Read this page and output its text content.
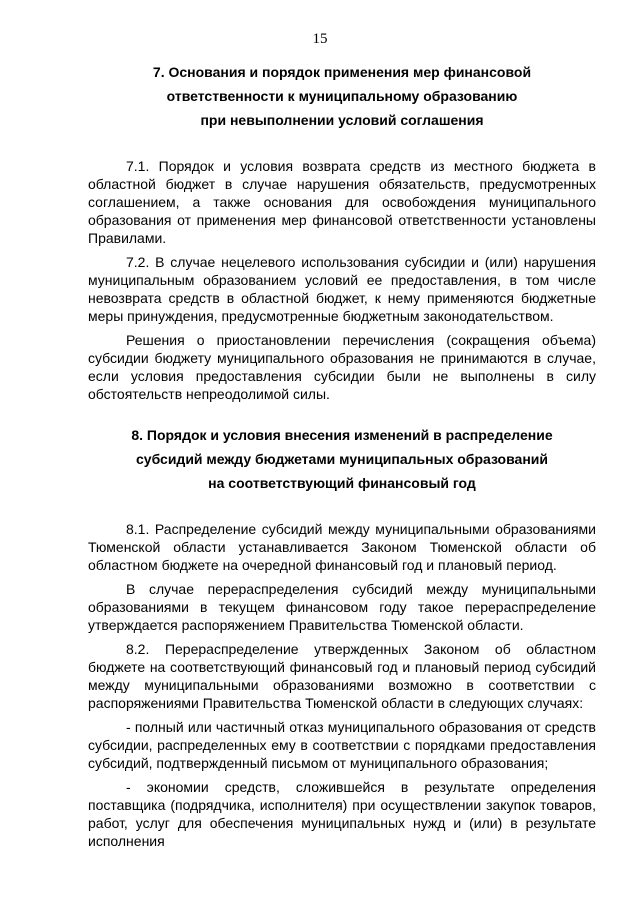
15
7. Основания и порядок применения мер финансовой
ответственности к муниципальному образованию
при невыполнении условий соглашения

7.1. Порядок и условия возврата средств из местного бюджета в областной бюджет в случае нарушения обязательств, предусмотренных соглашением, а также основания для освобождения муниципального образования от применения мер финансовой ответственности установлены Правилами.

7.2. В случае нецелевого использования субсидии и (или) нарушения муниципальным образованием условий ее предоставления, в том числе невозврата средств в областной бюджет, к нему применяются бюджетные меры принуждения, предусмотренные бюджетным законодательством.

Решения о приостановлении перечисления (сокращения объема) субсидии бюджету муниципального образования не принимаются в случае, если условия предоставления субсидии были не выполнены в силу обстоятельств непреодолимой силы.

8. Порядок и условия внесения изменений в распределение
субсидий между бюджетами муниципальных образований
на соответствующий финансовый год

8.1. Распределение субсидий между муниципальными образованиями Тюменской области устанавливается Законом Тюменской области об областном бюджете на очередной финансовый год и плановый период.

В случае перераспределения субсидий между муниципальными образованиями в текущем финансовом году такое перераспределение утверждается распоряжением Правительства Тюменской области.

8.2. Перераспределение утвержденных Законом об областном бюджете на соответствующий финансовый год и плановый период субсидий между муниципальными образованиями возможно в соответствии с распоряжениями Правительства Тюменской области в следующих случаях:

- полный или частичный отказ муниципального образования от средств субсидии, распределенных ему в соответствии с порядками предоставления субсидий, подтвержденный письмом от муниципального образования;

- экономии средств, сложившейся в результате определения поставщика (подрядчика, исполнителя) при осуществлении закупок товаров, работ, услуг для обеспечения муниципальных нужд и (или) в результате исполнения
